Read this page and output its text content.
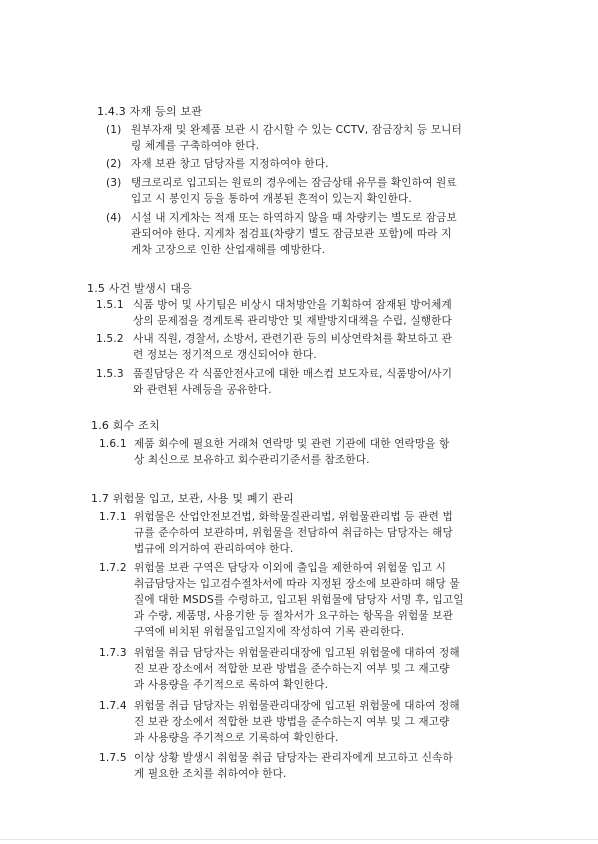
1.4.3 자재 등의 보관
(1) 원부자재 및 완제품 보관 시 감시할 수 있는 CCTV, 잠금장치 등 모니터
링 체계를 구축하여야 한다.
(2) 자재 보관 창고 담당자를 지정하여야 한다.
(3) 탱크로리로 입고되는 원료의 경우에는 잠금상태 유무를 확인하여 원료
입고 시 봉인지 등을 통하여 개봉된 흔적이 있는지 확인한다.
(4) 시설 내 지게차는 적재 또는 하역하지 않을 때 차량키는 별도로 잠금보
관되어야 한다. 지게차 점검표(차량기 별도 잠금보관 포함)에 따라 지
게차 고장으로 인한 산업재해를 예방한다.
1.5 사건 발생시 대응
1.5.1 식품 방어 및 사기팀은 비상시 대처방안을 기획하여 잠재된 방어체계
상의 문제점을 경계토록 관리방안 및 재발방지대책을 수립, 실행한다
1.5.2 사내 직원, 경찰서, 소방서, 관련기관 등의 비상연락처를 확보하고 관
련 정보는 정기적으로 갱신되어야 한다.
1.5.3 품질담당은 각 식품안전사고에 대한 매스컴 보도자료, 식품방어/사기
와 관련된 사례등을 공유한다.
1.6 회수 조치
1.6.1 제품 회수에 필요한 거래처 연락망 및 관련 기관에 대한 연락망을 항
상 최신으로 보유하고 회수관리기준서를 참조한다.
1.7 위험물 입고, 보관, 사용 및 폐기 관리
1.7.1 위험물은 산업안전보건법, 화학물질관리법, 위험물관리법 등 관련 법
규를 준수하여 보관하며, 위험물을 전담하여 취급하는 담당자는 해당
법규에 의거하여 관리하여야 한다.
1.7.2 위험물 보관 구역은 담당자 이외에 출입을 제한하여 위험물 입고 시
취급담당자는 입고검수절차서에 따라 지정된 장소에 보관하며 해당 물
질에 대한 MSDS를 수령하고, 입고된 위험물에 담당자 서명 후, 입고일
과 수량, 제품명, 사용기한 등 절차서가 요구하는 항목을 위험물 보관
구역에 비치된 위험물입고일지에 작성하여 기록 관리한다.
1.7.3 위험물 취급 담당자는 위험물관리대장에 입고된 위험물에 대하여 정해
진 보관 장소에서 적합한 보관 방법을 준수하는지 여부 및 그 재고량
과 사용량을 주기적으로 록하여 확인한다.
1.7.4 위험물 취급 담당자는 위험물관리대장에 입고된 위험물에 대하여 정해
진 보관 장소에서 적합한 보관 방법을 준수하는지 여부 및 그 재고량
과 사용량을 주기적으로 기록하여 확인한다.
1.7.5 이상 상황 발생시 취험물 취급 담당자는 관리자에게 보고하고 신속하
게 필요한 조치를 취하여야 한다.
